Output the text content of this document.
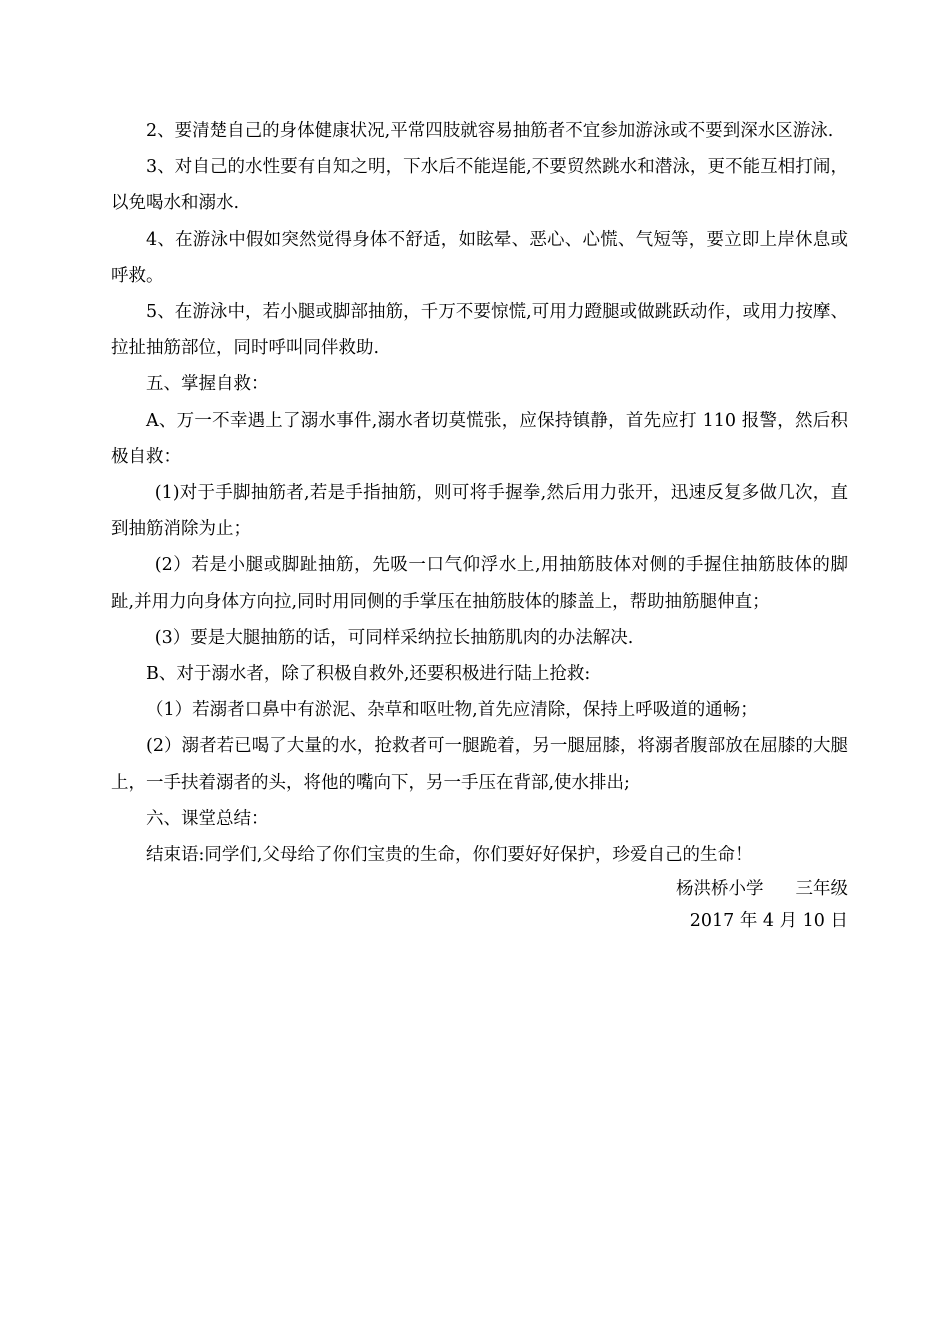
2、要清楚自己的身体健康状况,平常四肢就容易抽筋者不宜参加游泳或不要到深水区游泳.

3、对自己的水性要有自知之明，下水后不能逞能,不要贸然跳水和潜泳，更不能互相打闹，以免喝水和溺水.

4、在游泳中假如突然觉得身体不舒适，如眩晕、恶心、心慌、气短等，要立即上岸休息或呼救。

5、在游泳中，若小腿或脚部抽筋，千万不要惊慌,可用力蹬腿或做跳跃动作，或用力按摩、拉扯抽筋部位，同时呼叫同伴救助.

五、掌握自救：

A、万一不幸遇上了溺水事件,溺水者切莫慌张，应保持镇静，首先应打 110 报警，然后积极自救：

(1)对于手脚抽筋者,若是手指抽筋，则可将手握拳,然后用力张开，迅速反复多做几次，直到抽筋消除为止；

(2）若是小腿或脚趾抽筋，先吸一口气仰浮水上,用抽筋肢体对侧的手握住抽筋肢体的脚趾,并用力向身体方向拉,同时用同侧的手掌压在抽筋肢体的膝盖上，帮助抽筋腿伸直；

(3）要是大腿抽筋的话，可同样采纳拉长抽筋肌肉的办法解决.

B、对于溺水者，除了积极自救外,还要积极进行陆上抢救:

（1）若溺者口鼻中有淤泥、杂草和呕吐物,首先应清除，保持上呼吸道的通畅；

(2）溺者若已喝了大量的水，抢救者可一腿跪着，另一腿屈膝，将溺者腹部放在屈膝的大腿上，一手扶着溺者的头，将他的嘴向下，另一手压在背部,使水排出;

六、课堂总结：

结束语:同学们,父母给了你们宝贵的生命，你们要好好保护，珍爱自己的生命！

杨洪桥小学 三年级

2017 年 4 月 10 日
